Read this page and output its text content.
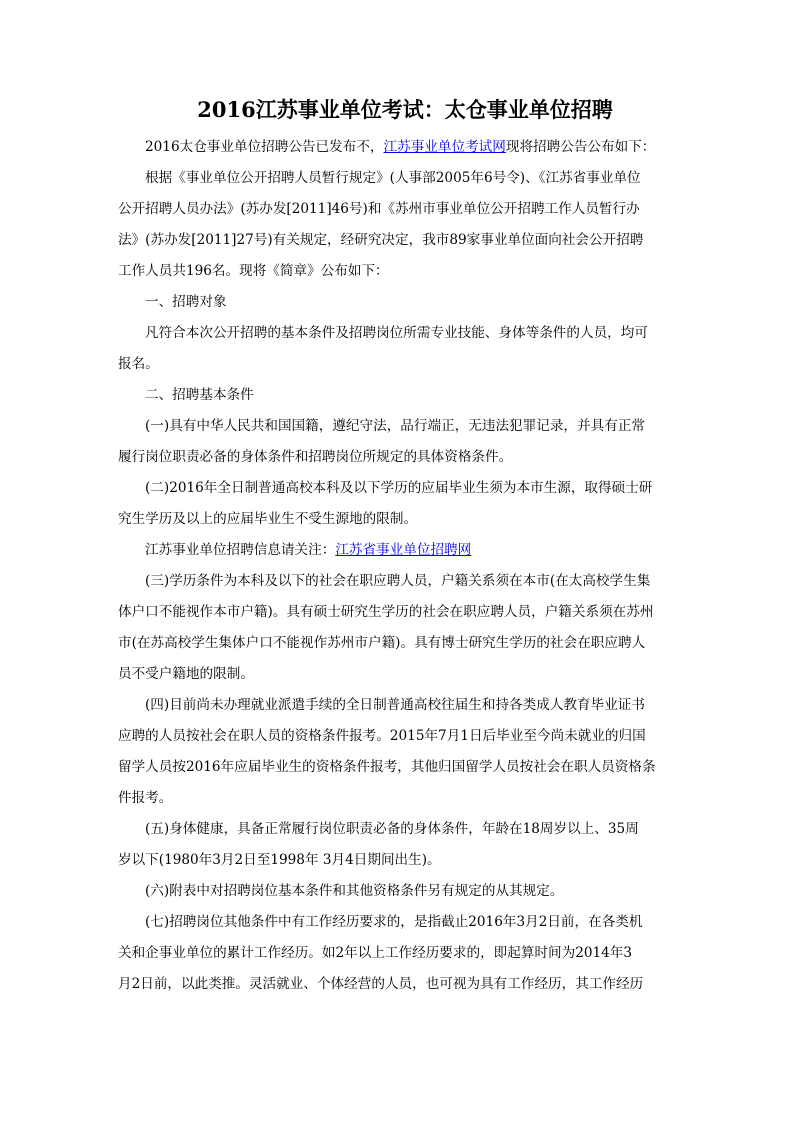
2016江苏事业单位考试：太仓事业单位招聘

2016太仓事业单位招聘公告已发布不，江苏事业单位考试网现将招聘公告公布如下：

根据《事业单位公开招聘人员暂行规定》(人事部2005年6号令)、《江苏省事业单位
公开招聘人员办法》(苏办发[2011]46号)和《苏州市事业单位公开招聘工作人员暂行办
法》(苏办发[2011]27号)有关规定，经研究决定，我市89家事业单位面向社会公开招聘
工作人员共196名。现将《简章》公布如下：

一、招聘对象

凡符合本次公开招聘的基本条件及招聘岗位所需专业技能、身体等条件的人员，均可
报名。

二、招聘基本条件

(一)具有中华人民共和国国籍，遵纪守法，品行端正，无违法犯罪记录，并具有正常
履行岗位职责必备的身体条件和招聘岗位所规定的具体资格条件。

(二)2016年全日制普通高校本科及以下学历的应届毕业生须为本市生源，取得硕士研
究生学历及以上的应届毕业生不受生源地的限制。

江苏事业单位招聘信息请关注：江苏省事业单位招聘网

(三)学历条件为本科及以下的社会在职应聘人员，户籍关系须在本市(在太高校学生集
体户口不能视作本市户籍)。具有硕士研究生学历的社会在职应聘人员，户籍关系须在苏州
市(在苏高校学生集体户口不能视作苏州市户籍)。具有博士研究生学历的社会在职应聘人
员不受户籍地的限制。

(四)目前尚未办理就业派遣手续的全日制普通高校往届生和持各类成人教育毕业证书
应聘的人员按社会在职人员的资格条件报考。2015年7月1日后毕业至今尚未就业的归国
留学人员按2016年应届毕业生的资格条件报考，其他归国留学人员按社会在职人员资格条
件报考。

(五)身体健康，具备正常履行岗位职责必备的身体条件，年龄在18周岁以上、35周
岁以下(1980年3月2日至1998年 3月4日期间出生)。

(六)附表中对招聘岗位基本条件和其他资格条件另有规定的从其规定。

(七)招聘岗位其他条件中有工作经历要求的，是指截止2016年3月2日前，在各类机
关和企事业单位的累计工作经历。如2年以上工作经历要求的，即起算时间为2014年3
月2日前，以此类推。灵活就业、个体经营的人员，也可视为具有工作经历，其工作经历
